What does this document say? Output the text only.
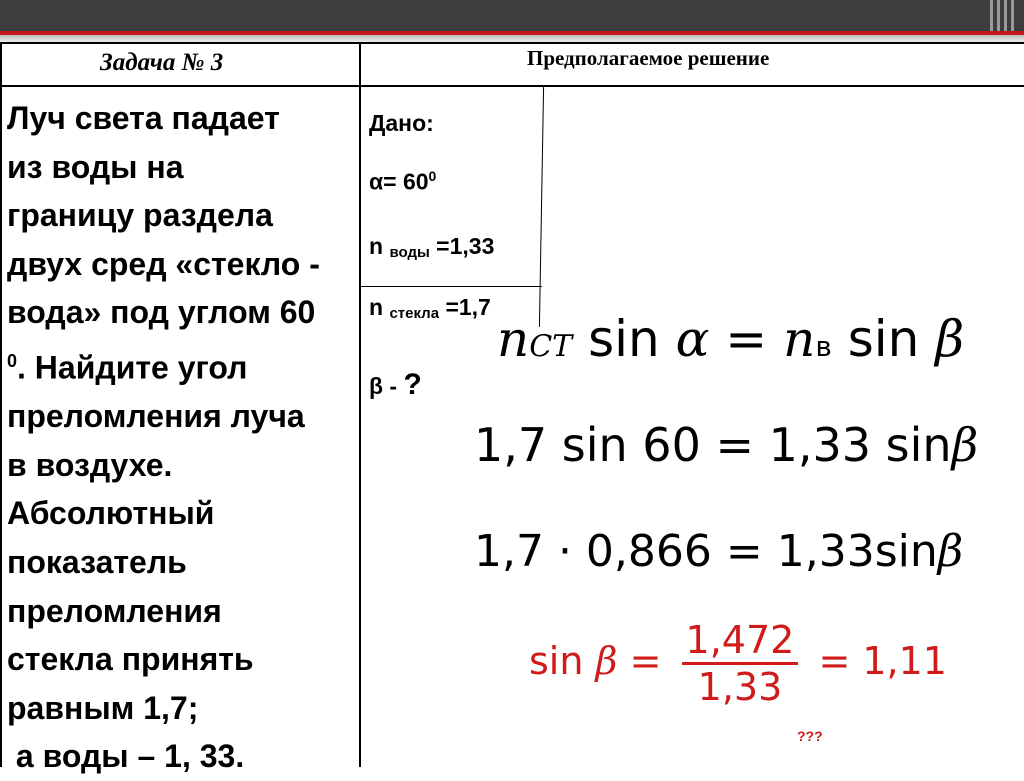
Задача № 3	Предполагаемое решение
Луч света падает
из воды на
границу раздела
двух сред «стекло -
вода» под углом 60
$^0$. Найдите угол
преломления луча
в воздухе.
Абсолютный
показатель
преломления
стекла принять
равным 1,7;
а воды – 1, 33.
Дано:
$\alpha= 60^0$
n $_{воды}$ =1,33
n $_{стекла}$ =1,7
β - ?
nСТ sin α = nв sin β
1,7 sin 60 = 1,33 sinβ
1,7 · 0,866 = 1,33sinβ
$\sin \beta = \frac{1,472}{1,33} = 1,11$
???
